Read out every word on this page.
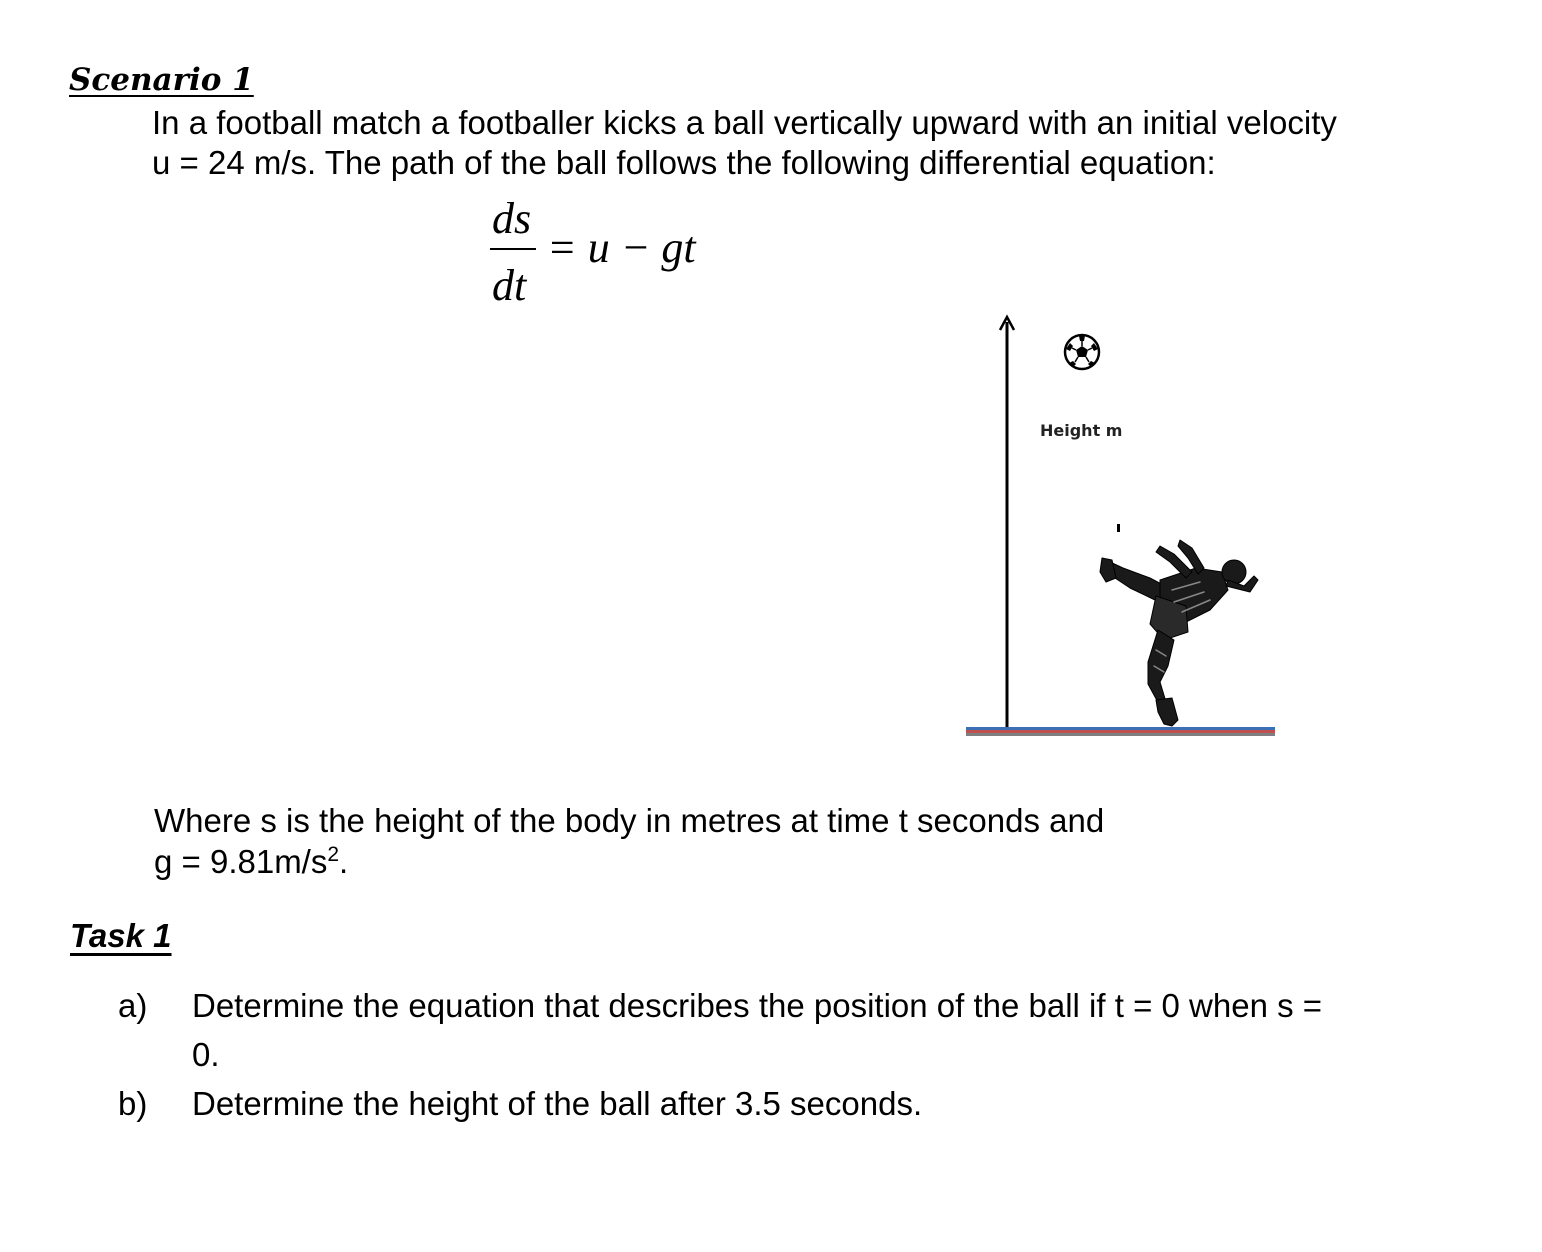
Scenario 1
In a football match a footballer kicks a ball vertically upward with an initial velocity
u = 24 m/s. The path of the ball follows the following differential equation:
ds
dt
= u − gt
Height m
Where s is the height of the body in metres at time t seconds and
$g = 9.81m/s^2$.
Task 1
a) Determine the equation that describes the position of the ball if t = 0 when s =
0.
b) Determine the height of the ball after 3.5 seconds.
